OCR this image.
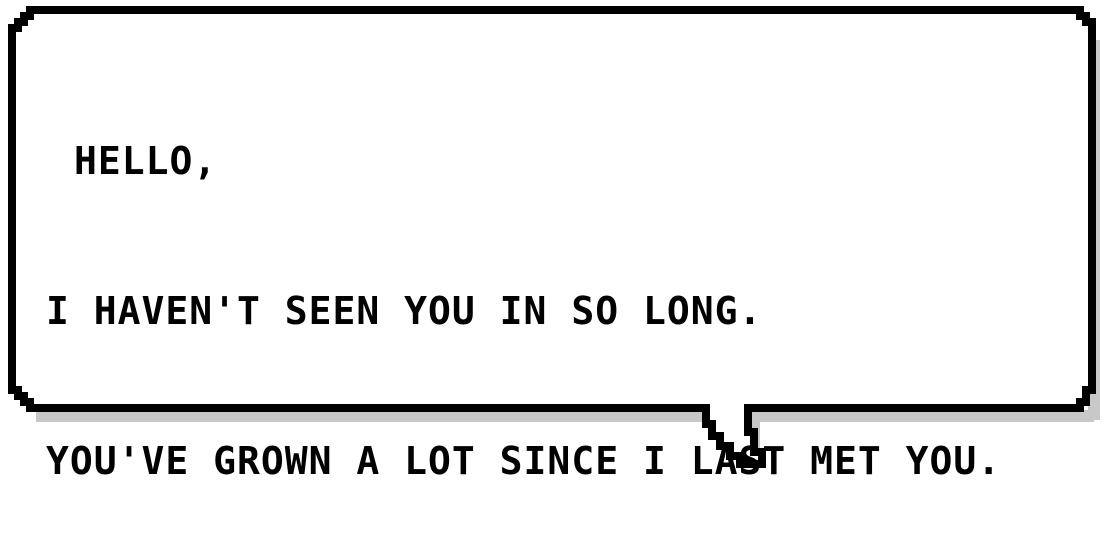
HELLO,

I HAVEN'T SEEN YOU IN SO LONG.

YOU'VE GROWN A LOT SINCE I LAST MET YOU.
